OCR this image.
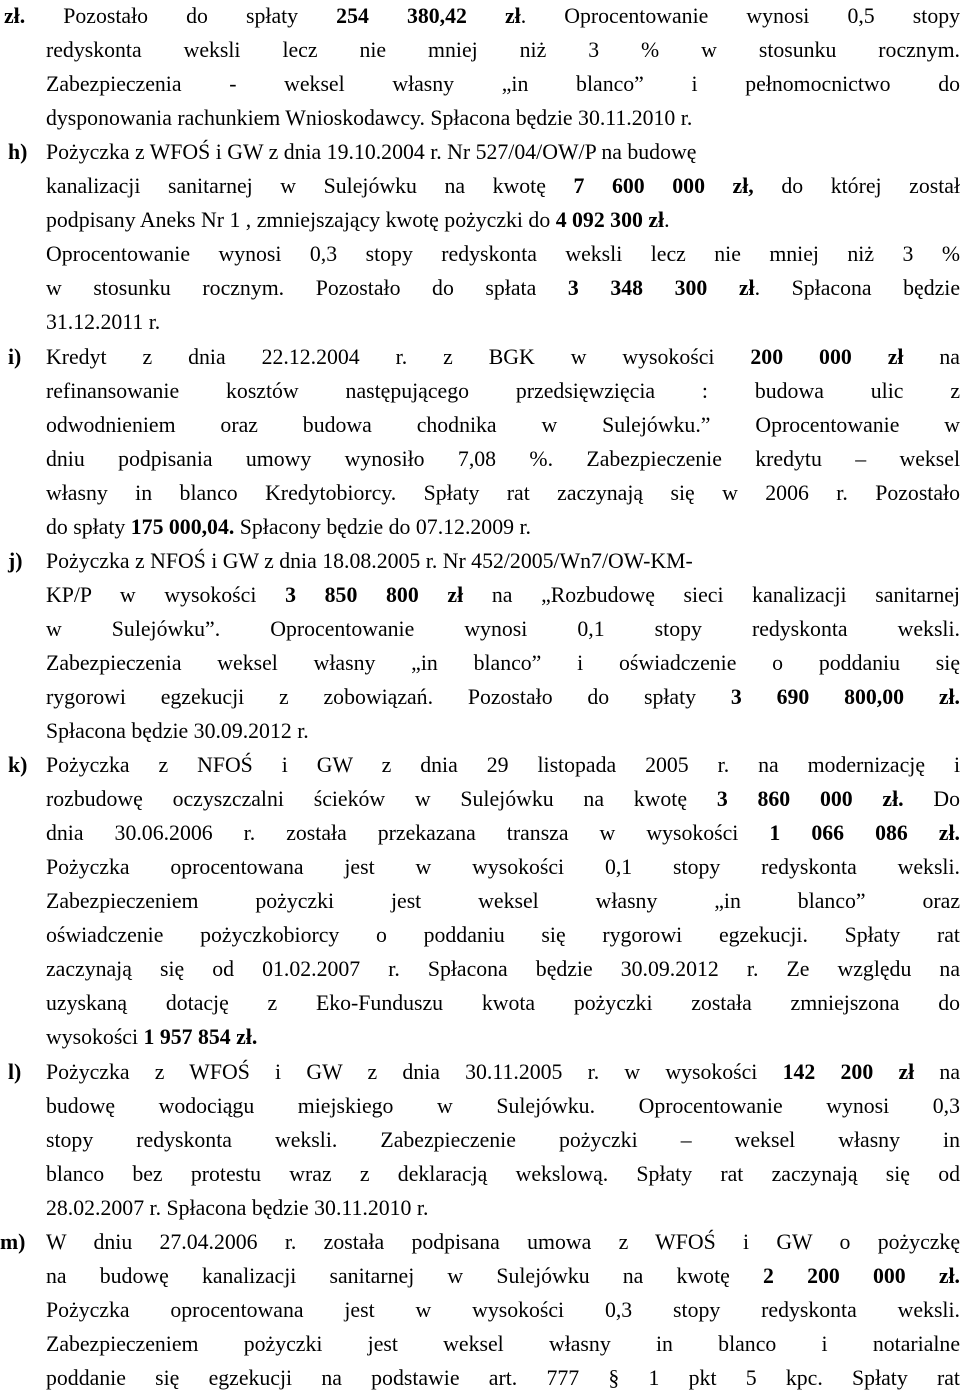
zł. Pozostało do spłaty 254 380,42 zł. Oprocentowanie wynosi 0,5 stopy
redyskonta weksli lecz nie mniej niż 3 % w stosunku rocznym.
Zabezpieczenia - weksel własny „in blanco” i pełnomocnictwo do
dysponowania rachunkiem Wnioskodawcy. Spłacona będzie 30.11.2010 r.
h) Pożyczka z WFOŚ i GW z dnia 19.10.2004 r. Nr 527/04/OW/P na budowę
kanalizacji sanitarnej w Sulejówku na kwotę 7 600 000 zł, do której został
podpisany Aneks Nr 1 , zmniejszający kwotę pożyczki do 4 092 300 zł.
Oprocentowanie wynosi 0,3 stopy redyskonta weksli lecz nie mniej niż 3 %
w stosunku rocznym. Pozostało do spłata 3 348 300 zł. Spłacona będzie
31.12.2011 r.
i) Kredyt z dnia 22.12.2004 r. z BGK w wysokości 200 000 zł na
refinansowanie kosztów następującego przedsięwzięcia : budowa ulic z
odwodnieniem oraz budowa chodnika w Sulejówku.” Oprocentowanie w
dniu podpisania umowy wynosiło 7,08 %. Zabezpieczenie kredytu – weksel
własny in blanco Kredytobiorcy. Spłaty rat zaczynają się w 2006 r. Pozostało
do spłaty 175 000,04. Spłacony będzie do 07.12.2009 r.
j) Pożyczka z NFOŚ i GW z dnia 18.08.2005 r. Nr 452/2005/Wn7/OW-KM-
KP/P w wysokości 3 850 800 zł na „Rozbudowę sieci kanalizacji sanitarnej
w Sulejówku”. Oprocentowanie wynosi 0,1 stopy redyskonta weksli.
Zabezpieczenia weksel własny „in blanco” i oświadczenie o poddaniu się
rygorowi egzekucji z zobowiązań. Pozostało do spłaty 3 690 800,00 zł.
Spłacona będzie 30.09.2012 r.
k) Pożyczka z NFOŚ i GW z dnia 29 listopada 2005 r. na modernizację i
rozbudowę oczyszczalni ścieków w Sulejówku na kwotę 3 860 000 zł. Do
dnia 30.06.2006 r. została przekazana transza w wysokości 1 066 086 zł.
Pożyczka oprocentowana jest w wysokości 0,1 stopy redyskonta weksli.
Zabezpieczeniem pożyczki jest weksel własny „in blanco” oraz
oświadczenie pożyczkobiorcy o poddaniu się rygorowi egzekucji. Spłaty rat
zaczynają się od 01.02.2007 r. Spłacona będzie 30.09.2012 r. Ze względu na
uzyskaną dotację z Eko-Funduszu kwota pożyczki została zmniejszona do
wysokości 1 957 854 zł.
l) Pożyczka z WFOŚ i GW z dnia 30.11.2005 r. w wysokości 142 200 zł na
budowę wodociągu miejskiego w Sulejówku. Oprocentowanie wynosi 0,3
stopy redyskonta weksli. Zabezpieczenie pożyczki – weksel własny in
blanco bez protestu wraz z deklaracją wekslową. Spłaty rat zaczynają się od
28.02.2007 r. Spłacona będzie 30.11.2010 r.
m) W dniu 27.04.2006 r. została podpisana umowa z WFOŚ i GW o pożyczkę
na budowę kanalizacji sanitarnej w Sulejówku na kwotę 2 200 000 zł.
Pożyczka oprocentowana jest w wysokości 0,3 stopy redyskonta weksli.
Zabezpieczeniem pożyczki jest weksel własny in blanco i notarialne
poddanie się egzekucji na podstawie art. 777 § 1 pkt 5 kpc. Spłaty rat
